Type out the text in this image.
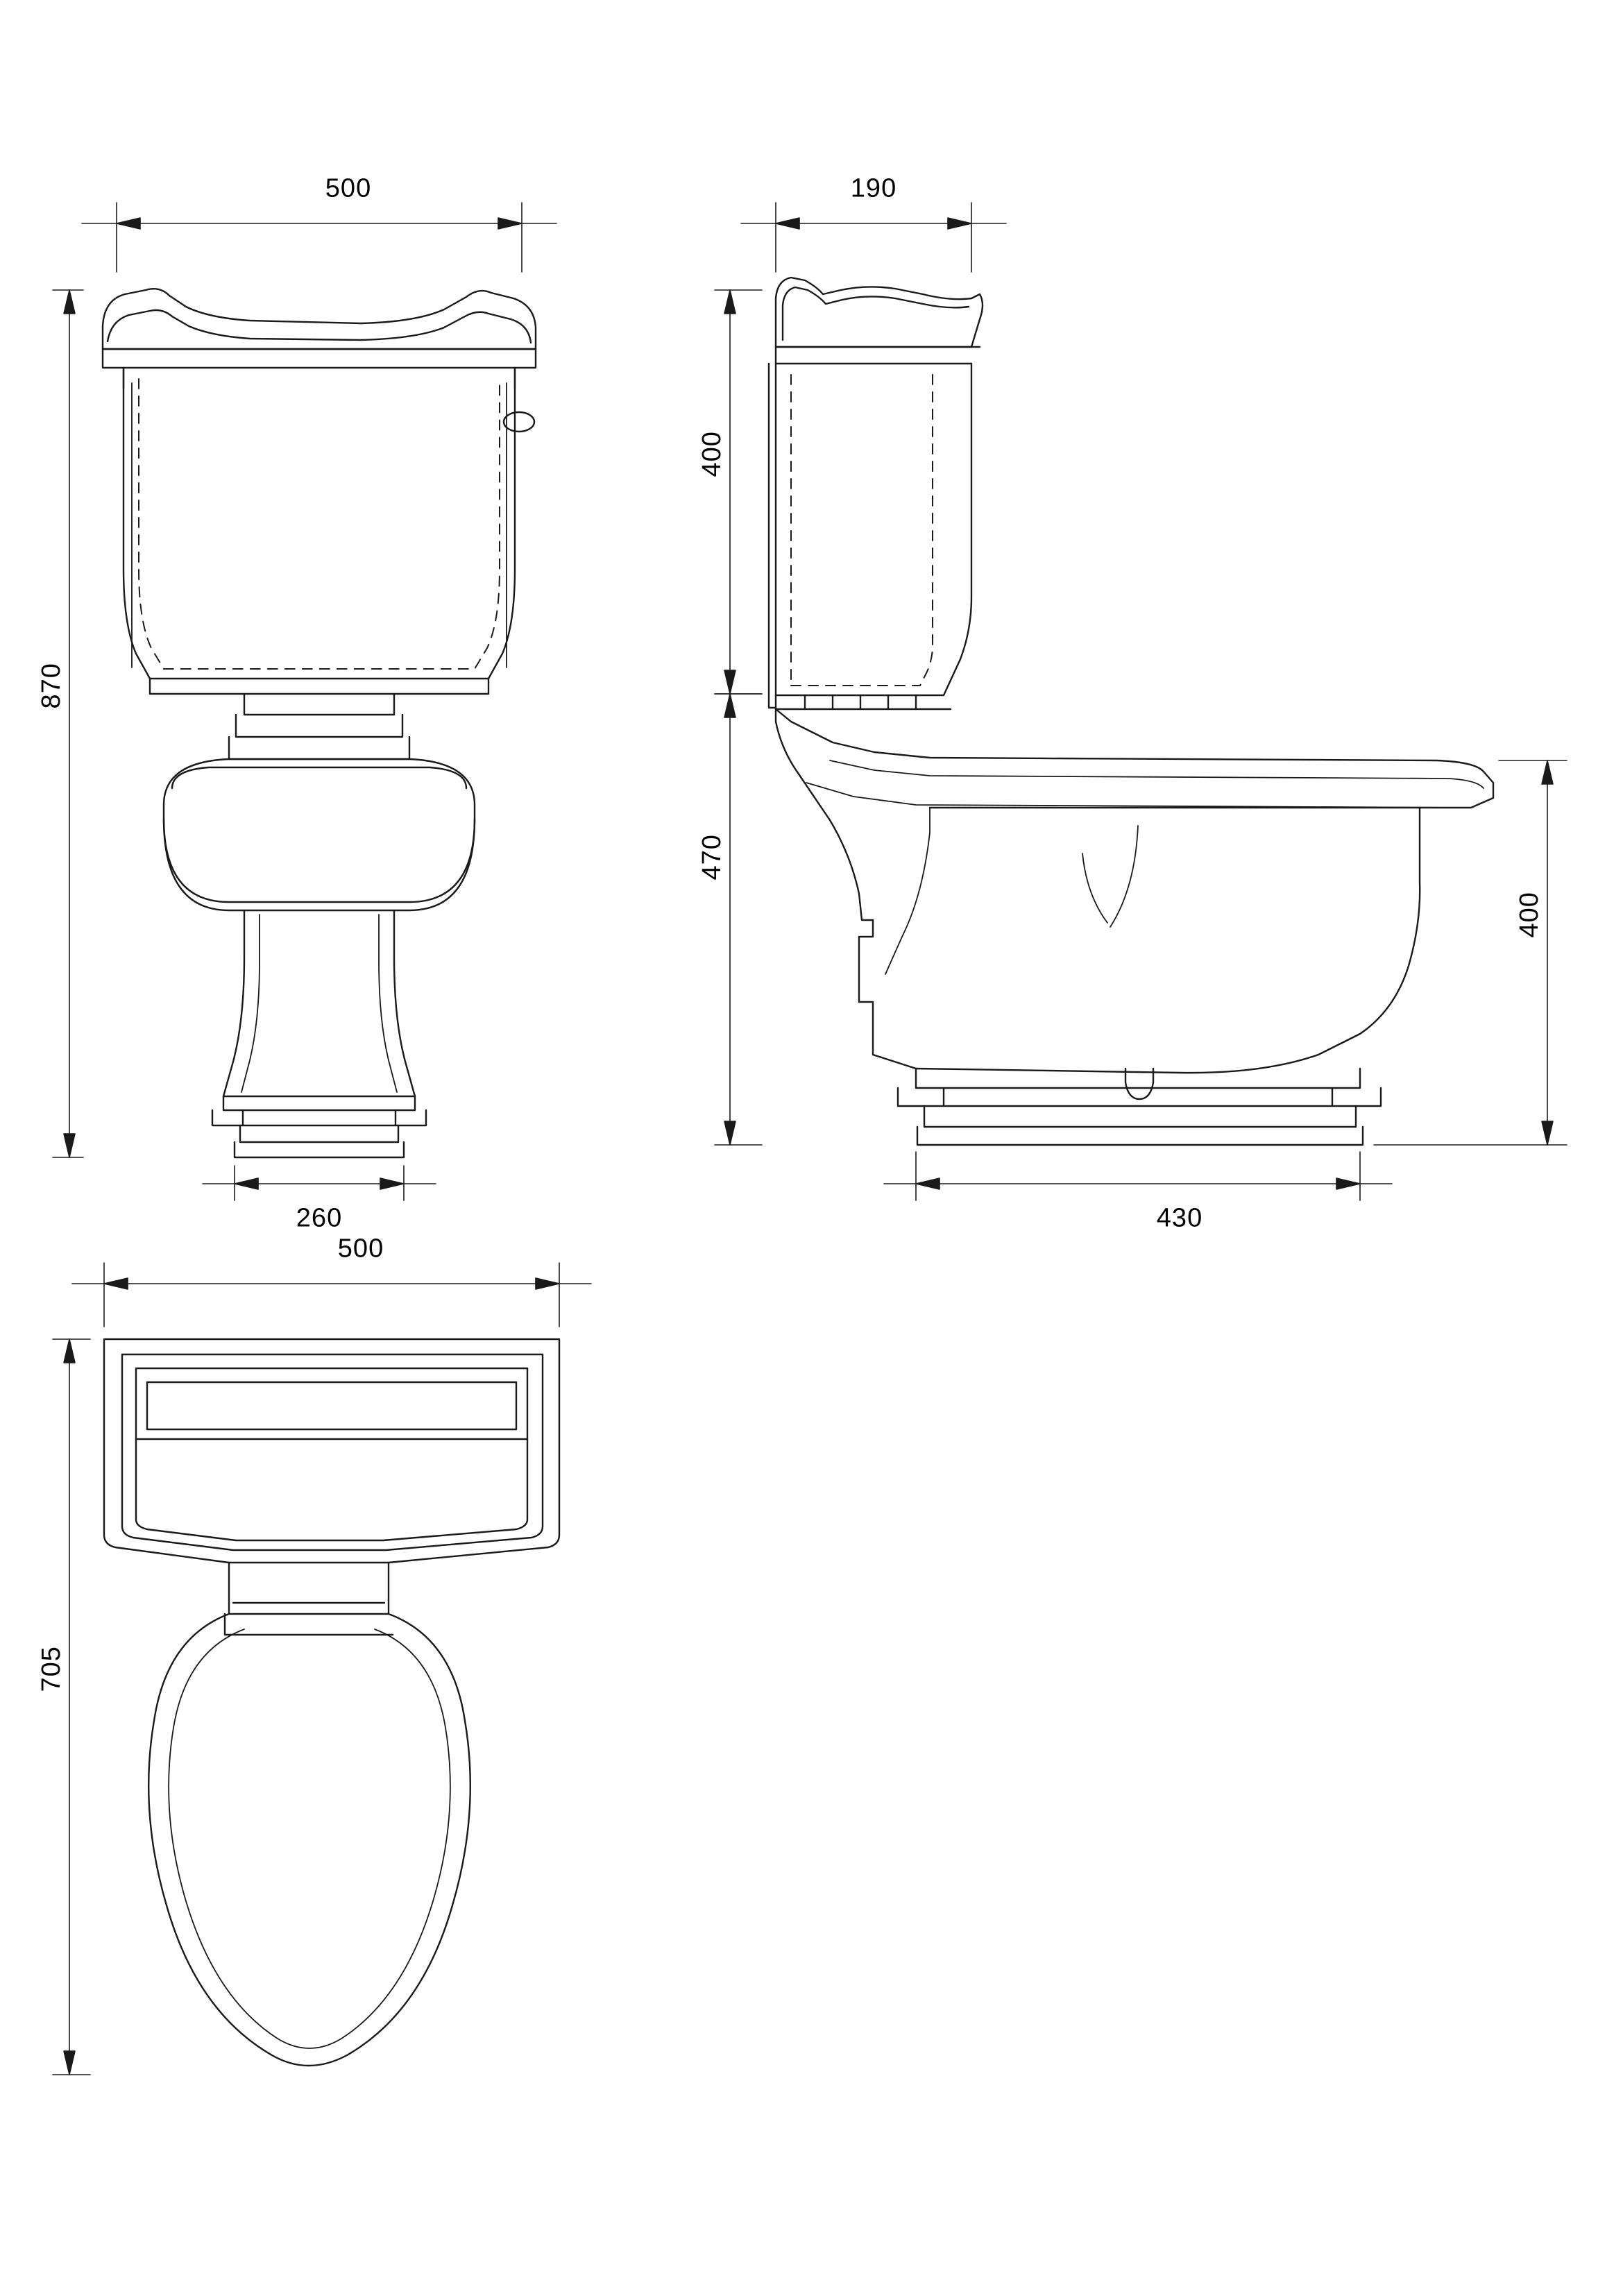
500
870
260
190
400
470
400
430
500
705
